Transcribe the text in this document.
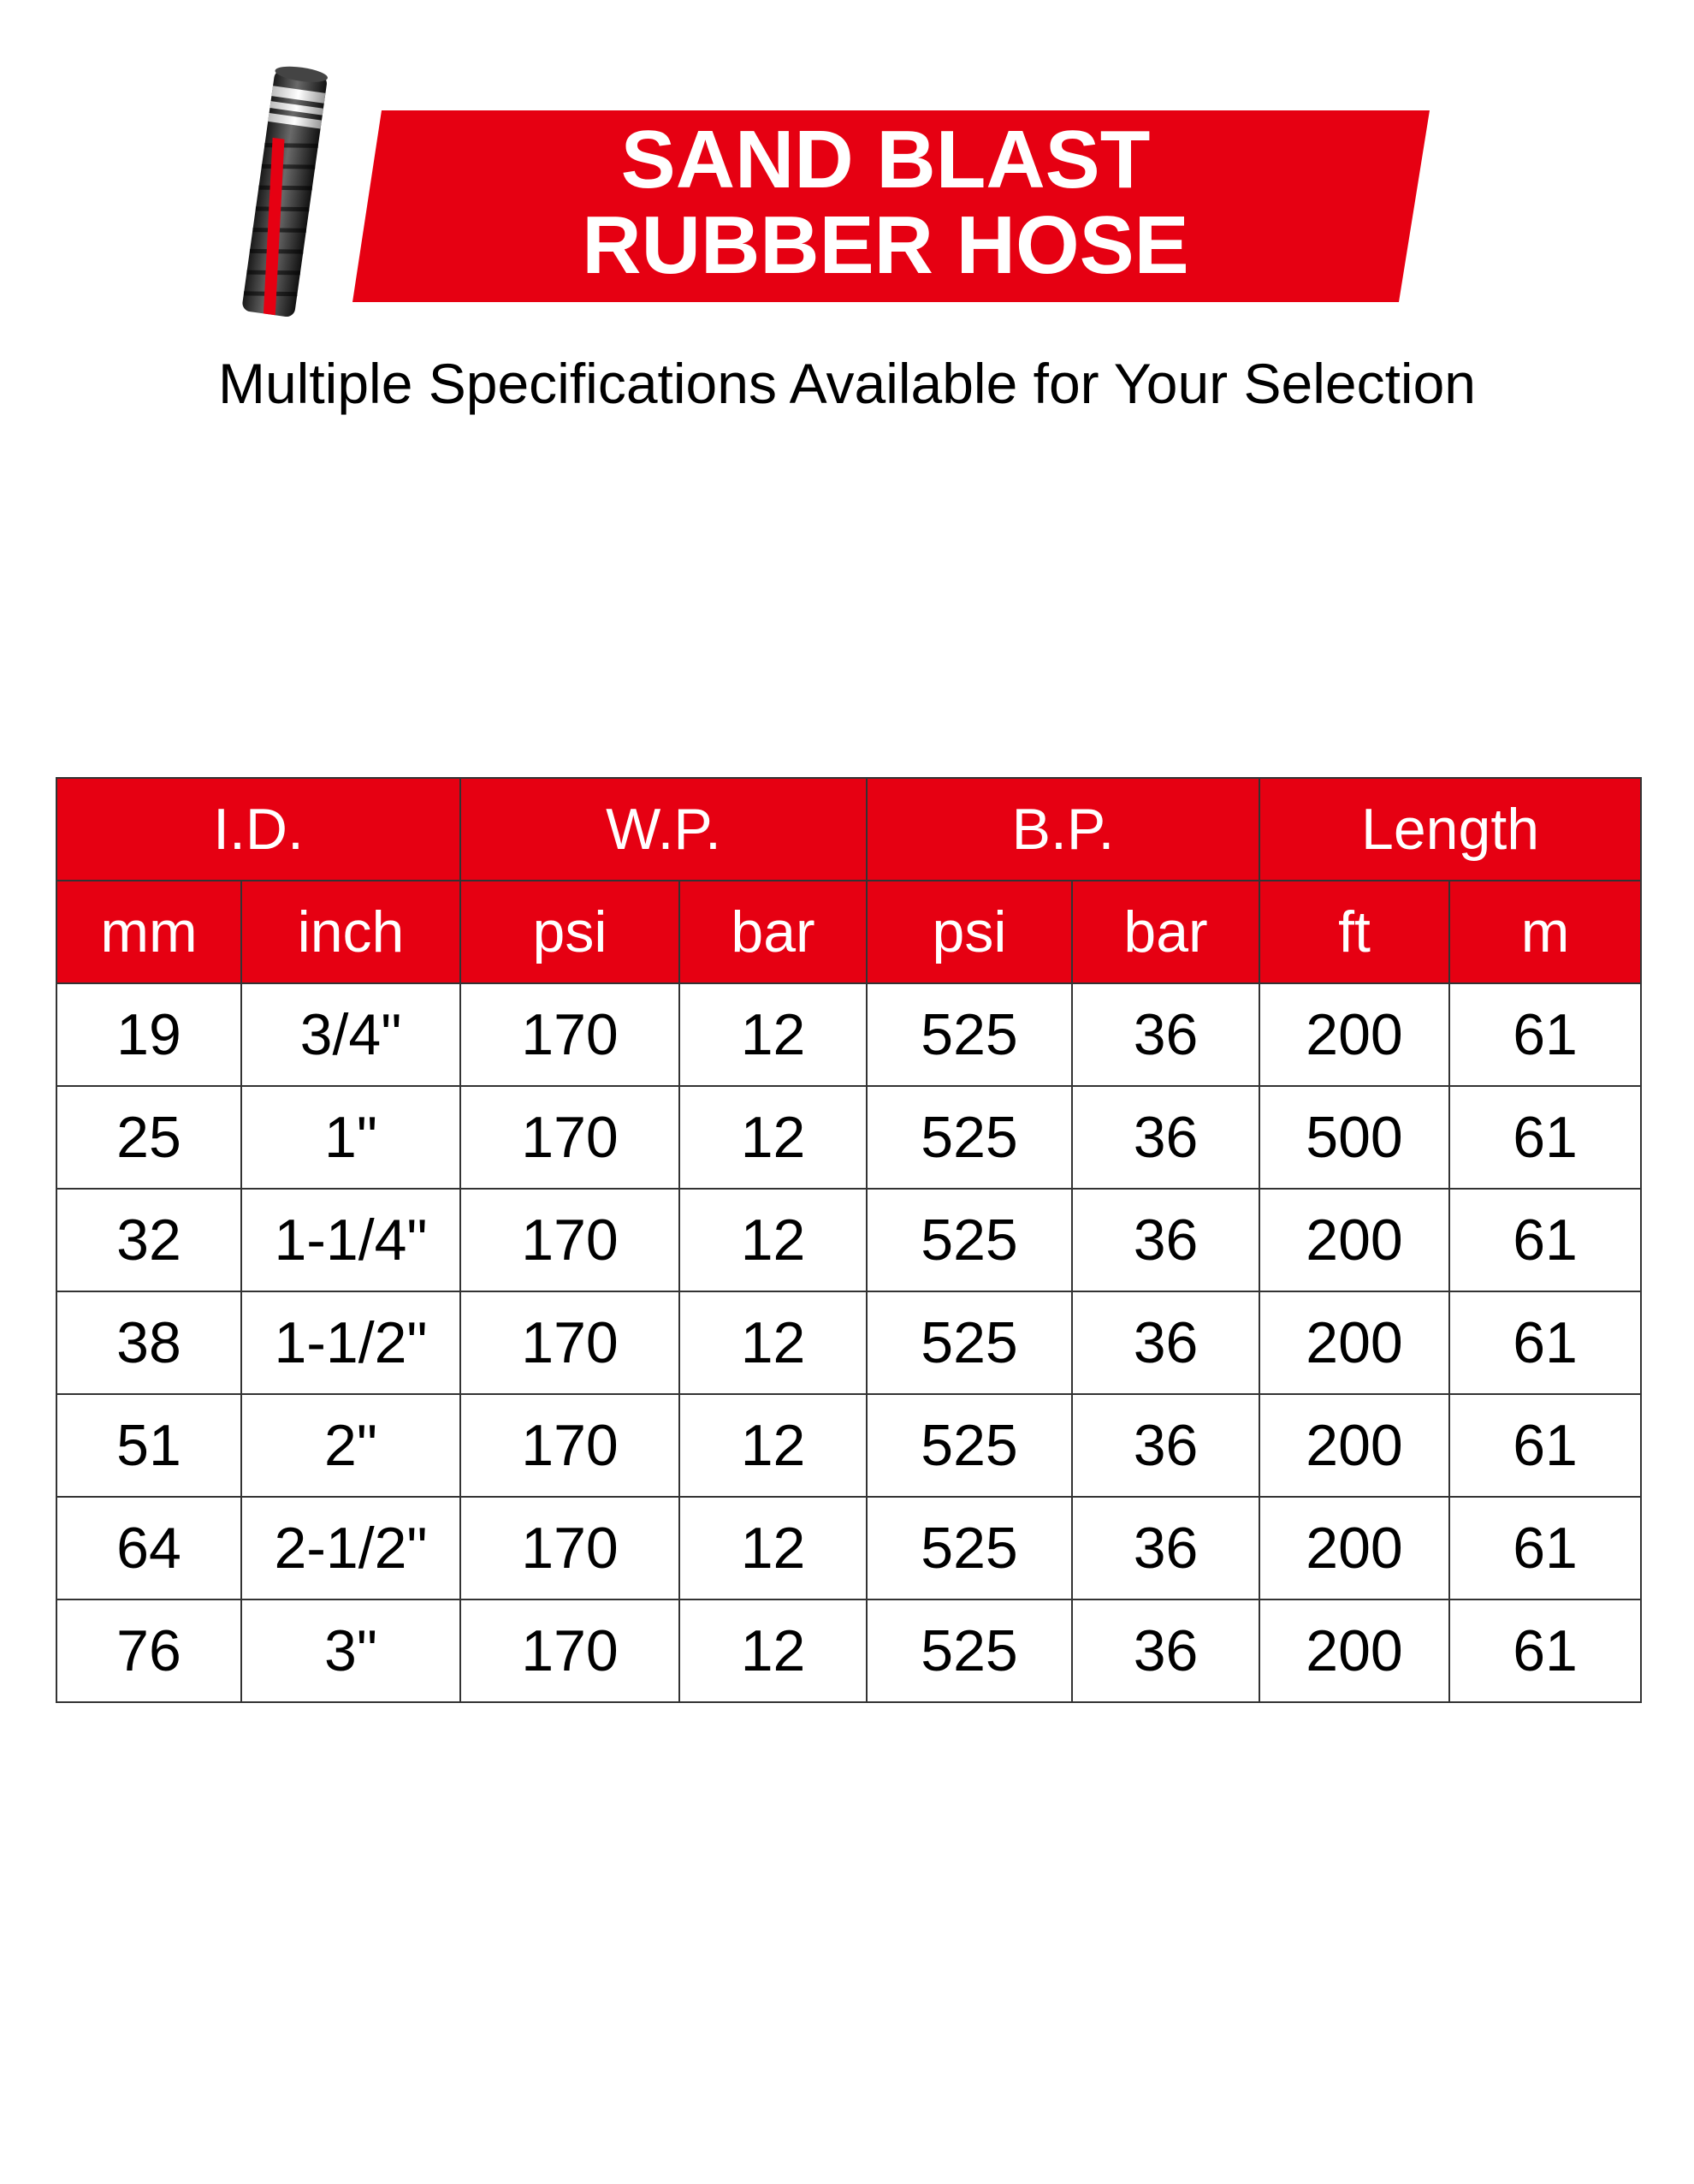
SAND BLAST
RUBBER HOSE

Multiple Specifications Available for Your Selection

I.D.		W.P.		B.P.		Length	
mm	inch	psi	bar	psi	bar	ft	m
19	3/4"	170	12	525	36	200	61
25	1"	170	12	525	36	500	61
32	1-1/4"	170	12	525	36	200	61
38	1-1/2"	170	12	525	36	200	61
51	2"	170	12	525	36	200	61
64	2-1/2"	170	12	525	36	200	61
76	3"	170	12	525	36	200	61
